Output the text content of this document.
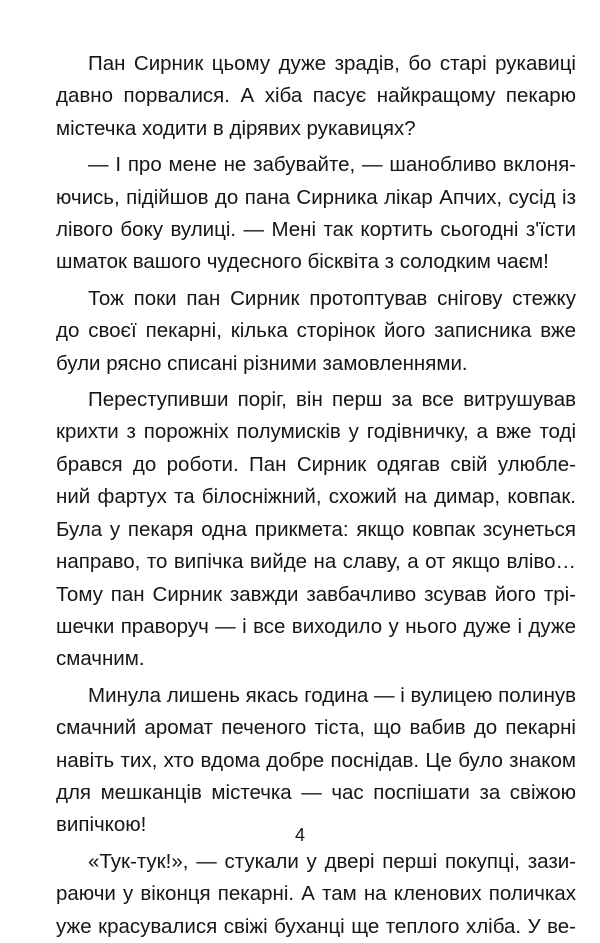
Пан Сирник цьому дуже зрадів, бо старі рукавиці
давно порвалися. А хіба пасує найкращому пекарю
містечка ходити в дірявих рукавицях?

— І про мене не забувайте, — шанобливо вклоня-
ючись, підійшов до пана Сирника лікар Апчих, сусід із
лівого боку вулиці. — Мені так кортить сьогодні з'їсти
шматок вашого чудесного бісквіта з солодким чаєм!

Тож поки пан Сирник протоптував снігову стежку
до своєї пекарні, кілька сторінок його записника вже
були рясно списані різними замовленнями.

Переступивши поріг, він перш за все витрушував
крихти з порожніх полумисків у годівничку, а вже тоді
брався до роботи. Пан Сирник одягав свій улюбле-
ний фартух та білосніжний, схожий на димар, ковпак.
Була у пекаря одна прикмета: якщо ковпак зсунеться
направо, то випічка вийде на славу, а от якщо вліво…
Тому пан Сирник завжди завбачливо зсував його трі-
шечки праворуч — і все виходило у нього дуже і дуже
смачним.

Минула лишень якась година — і вулицею полинув
смачний аромат печеного тіста, що вабив до пекарні
навіть тих, хто вдома добре поснідав. Це було знаком
для мешканців містечка — час поспішати за свіжою
випічкою!

«Тук-тук!», — стукали у двері перші покупці, зази-
раючи у віконця пекарні. А там на кленових поличках
уже красувалися свіжі буханці ще теплого хліба. У ве-

4
